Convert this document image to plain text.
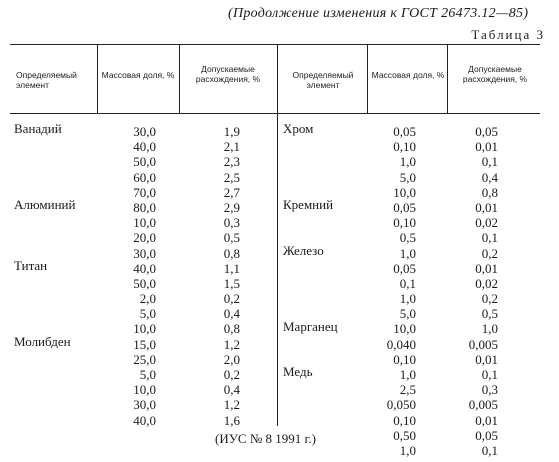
(Продолжение изменения к ГОСТ 26473.12—85)
Таблица 3
Определяемый элемент
Массовая доля, %
Допускаемые расхождения, %	Определяемый элемент
Массовая доля, %
Допускаемые расхождения, %
Ванадий
Алюминий
Титан
Молибден
30,0
40,0
50,0
60,0
70,0
80,0
10,0
20,0
30,0
40,0
50,0
2,0
5,0
10,0
15,0
25,0
5,0
10,0
30,0
40,0
1,9
2,1
2,3
2,5
2,7
2,9
0,3
0,5
0,8
1,1
1,5
0,2
0,4
0,8
1,2
2,0
0,2
0,4
1,2
1,6
Хром
Кремний
Железо
Марганец
Медь
0,05
0,10
1,0
5,0
10,0
0,05
0,10
0,5
1,0
0,05
0,1
1,0
5,0
10,0
0,040
0,10
1,0
2,5
0,050
0,10
0,50
1,0
0,05
0,01
0,1
0,4
0,8
0,01
0,02
0,1
0,2
0,01
0,02
0,2
0,5
1,0
0,005
0,01
0,1
0,3
0,005
0,01
0,05
0,1
(ИУС № 8 1991 г.)
